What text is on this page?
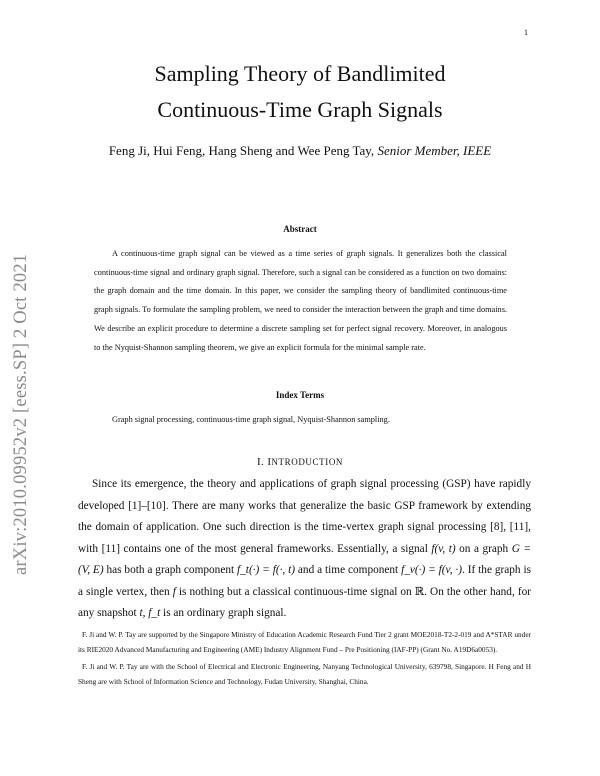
1
arXiv:2010.09952v2 [eess.SP] 2 Oct 2021
Sampling Theory of Bandlimited
Continuous-Time Graph Signals
Feng Ji, Hui Feng, Hang Sheng and Wee Peng Tay, Senior Member, IEEE
Abstract

A continuous-time graph signal can be viewed as a time series of graph signals. It generalizes both the classical continuous-time signal and ordinary graph signal. Therefore, such a signal can be considered as a function on two domains: the graph domain and the time domain. In this paper, we consider the sampling theory of bandlimited continuous-time graph signals. To formulate the sampling problem, we need to consider the interaction between the graph and time domains. We describe an explicit procedure to determine a discrete sampling set for perfect signal recovery. Moreover, in analogous to the Nyquist-Shannon sampling theorem, we give an explicit formula for the minimal sample rate.

Index Terms

Graph signal processing, continuous-time graph signal, Nyquist-Shannon sampling.

I. INTRODUCTION

Since its emergence, the theory and applications of graph signal processing (GSP) have rapidly developed [1]–[10]. There are many works that generalize the basic GSP framework by extending the domain of application. One such direction is the time-vertex graph signal processing [8], [11], with [11] contains one of the most general frameworks. Essentially, a signal f(v, t) on a graph G = (V, E) has both a graph component f_t(·) = f(·, t) and a time component f_v(·) = f(v, ·). If the graph is a single vertex, then f is nothing but a classical continuous-time signal on ℝ. On the other hand, for any snapshot t, f_t is an ordinary graph signal.

F. Ji and W. P. Tay are supported by the Singapore Ministry of Education Academic Research Fund Tier 2 grant MOE2018-T2-2-019 and A*STAR under its RIE2020 Advanced Manufacturing and Engineering (AME) Industry Alignment Fund – Pre Positioning (IAF-PP) (Grant No. A19D6a0053).

F. Ji and W. P. Tay are with the School of Electrical and Electronic Engineering, Nanyang Technological University, 639798, Singapore. H Feng and H Sheng are with School of Information Science and Technology, Fudan University, Shanghai, China.
